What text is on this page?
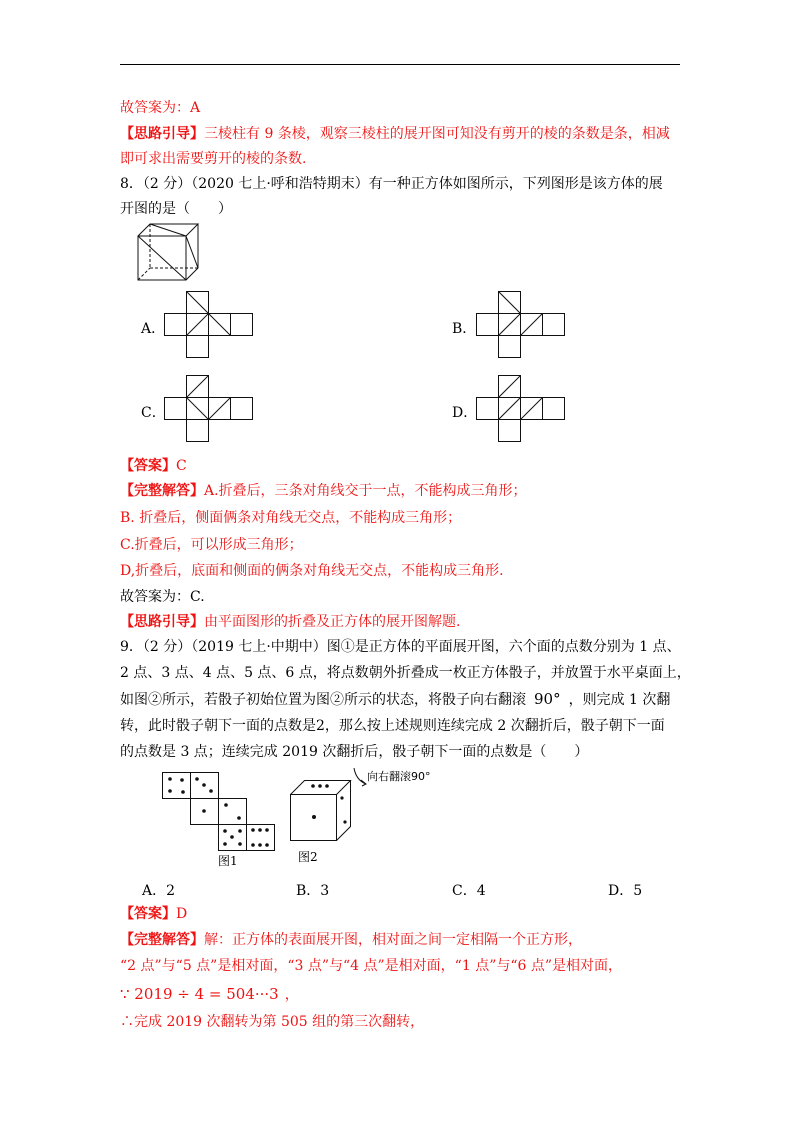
故答案为：A
【思路引导】三棱柱有 9 条棱，观察三棱柱的展开图可知没有剪开的棱的条数是条，相减
即可求出需要剪开的棱的条数.
8．（2 分）（2020 七上·呼和浩特期末）有一种正方体如图所示，下列图形是该方体的展
开图的是（　　）
A．	B．
C．	D．
【答案】C
【完整解答】A.折叠后，三条对角线交于一点，不能构成三角形；
B. 折叠后，侧面俩条对角线无交点，不能构成三角形；
C.折叠后，可以形成三角形；
D,折叠后，底面和侧面的俩条对角线无交点，不能构成三角形.
故答案为：C.
【思路引导】由平面图形的折叠及正方体的展开图解题.
9．（2 分）（2019 七上·中期中）图①是正方体的平面展开图，六个面的点数分别为 1 点、
2 点、3 点、4 点、5 点、6 点，将点数朝外折叠成一枚正方体骰子，并放置于水平桌面上，
如图②所示，若骰子初始位置为图②所示的状态，将骰子向右翻滚 90° ，则完成 1 次翻
转，此时骰子朝下一面的点数是2，那么按上述规则连续完成 2 次翻折后，骰子朝下一面
的点数是 3 点；连续完成 2019 次翻折后，骰子朝下一面的点数是（　　）
图1
向右翻滚90°
图2
A．2	B．3	C．4	D．5
【答案】D
【完整解答】解：正方体的表面展开图，相对面之间一定相隔一个正方形，
“2 点”与“5 点”是相对面，“3 点”与“4 点”是相对面，“1 点”与“6 点”是相对面，
∵ 2019 ÷ 4 = 504···3 ，
∴完成 2019 次翻转为第 505 组的第三次翻转，
